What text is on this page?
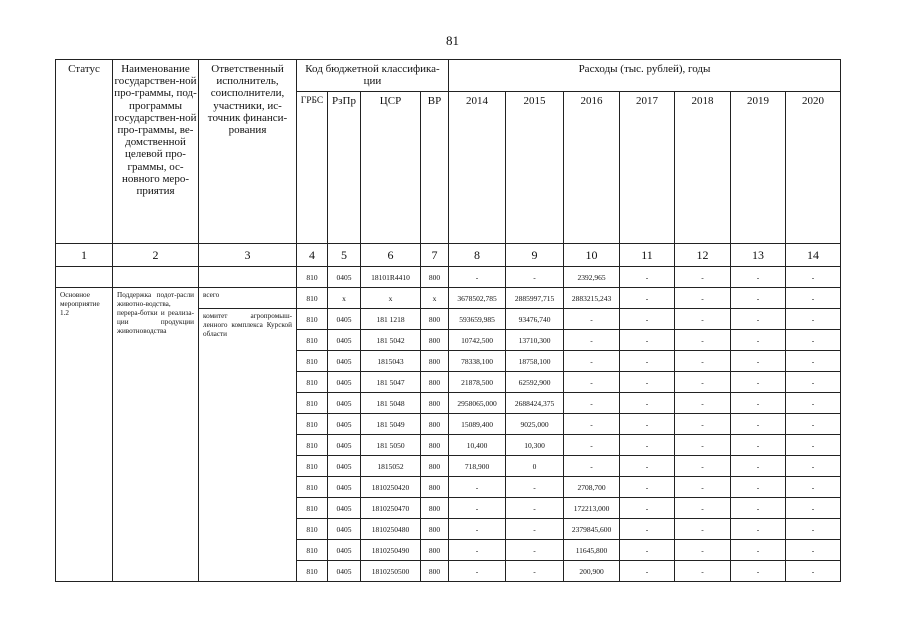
81
Статус	Наименование государствен-ной про-граммы, под-программы государствен-ной про-граммы, ве-домственной целевой про-граммы, ос-новного меро-приятия	Ответственный исполнитель, соисполнители, участники, ис-точник финанси-рования	Код бюджетной классифика-ции				Расходы (тыс. рублей), годы						
			ГРБС	РзПр	ЦСР	ВР	2014	2015	2016	2017	2018	2019	2020
1	2	3	4	5	6	7	8	9	10	11	12	13	14
			810	0405	18101R4410	800	-	-	2392,965	-	-	-	-
Основное мероприятие 1.2	Поддержка подот-расли животно-водства, перера-ботки и реализа-ции продукции животноводства	всего	810	x	x	x	3678502,785	2885997,715	2883215,243	-	-	-	-
		комитет агропромыш-ленного комплекса Курской области	810	0405	181 1218	800	593659,985	93476,740	-	-	-	-	-
			810	0405	181 5042	800	10742,500	13710,300	-	-	-	-	-
			810	0405	1815043	800	78338,100	18758,100	-	-	-	-	-
			810	0405	181 5047	800	21878,500	62592,900	-	-	-	-	-
			810	0405	181 5048	800	2958065,000	2688424,375	-	-	-	-	-
			810	0405	181 5049	800	15089,400	9025,000	-	-	-	-	-
			810	0405	181 5050	800	10,400	10,300	-	-	-	-	-
			810	0405	1815052	800	718,900	0	-	-	-	-	-
			810	0405	1810250420	800	-	-	2708,700	-	-	-	-
			810	0405	1810250470	800	-	-	172213,000	-	-	-	-
			810	0405	1810250480	800	-	-	2379845,600	-	-	-	-
			810	0405	1810250490	800	-	-	11645,800	-	-	-	-
			810	0405	1810250500	800	-	-	200,900	-	-	-	-
